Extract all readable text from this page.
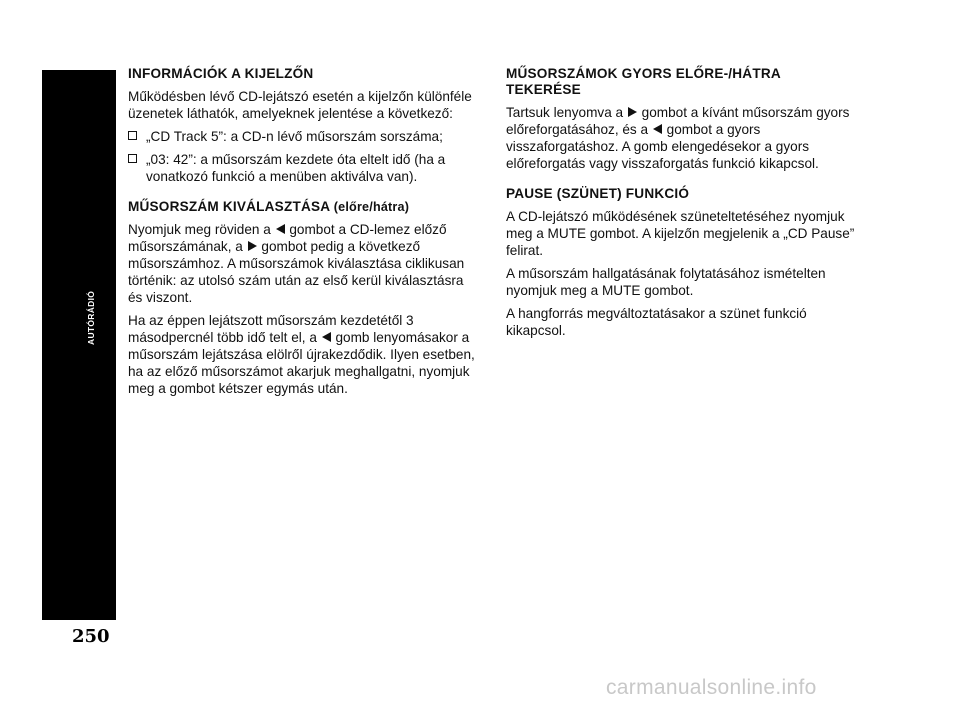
AUTÓRÁDIÓ
250
INFORMÁCIÓK A KIJELZŐN

Működésben lévő CD-lejátszó esetén a kijelzőn különféle üzenetek láthatók, amelyeknek jelentése a következő:

„CD Track 5”: a CD-n lévő műsorszám sorszáma;
„03: 42”: a műsorszám kezdete óta eltelt idő (ha a vonatkozó funkció a menüben aktiválva van).
MŰSORSZÁM KIVÁLASZTÁSA (előre/hátra)

Nyomjuk meg röviden a gombot a CD-lemez előző műsorszámának, a gombot pedig a következő műsorszámhoz. A műsorszámok kiválasztása ciklikusan történik: az utolsó szám után az első kerül kiválasztásra és viszont.

Ha az éppen lejátszott műsorszám kezdetétől 3 másodpercnél több idő telt el, a gomb lenyomásakor a műsorszám lejátszása elölről újrakezdődik. Ilyen esetben, ha az előző műsorszámot akarjuk meghallgatni, nyomjuk meg a gombot kétszer egymás után.

MŰSORSZÁMOK GYORS ELŐRE-/HÁTRA TEKERÉSE

Tartsuk lenyomva a gombot a kívánt műsorszám gyors előreforgatásához, és a gombot a gyors visszaforgatáshoz. A gomb elengedésekor a gyors előreforgatás vagy visszaforgatás funkció kikapcsol.

PAUSE (SZÜNET) FUNKCIÓ

A CD-lejátszó működésének szüneteltetéséhez nyomjuk meg a MUTE gombot. A kijelzőn megjelenik a „CD Pause” felirat.

A műsorszám hallgatásának folytatásához ismételten nyomjuk meg a MUTE gombot.

A hangforrás megváltoztatásakor a szünet funkció kikapcsol.

carmanualsonline.info
